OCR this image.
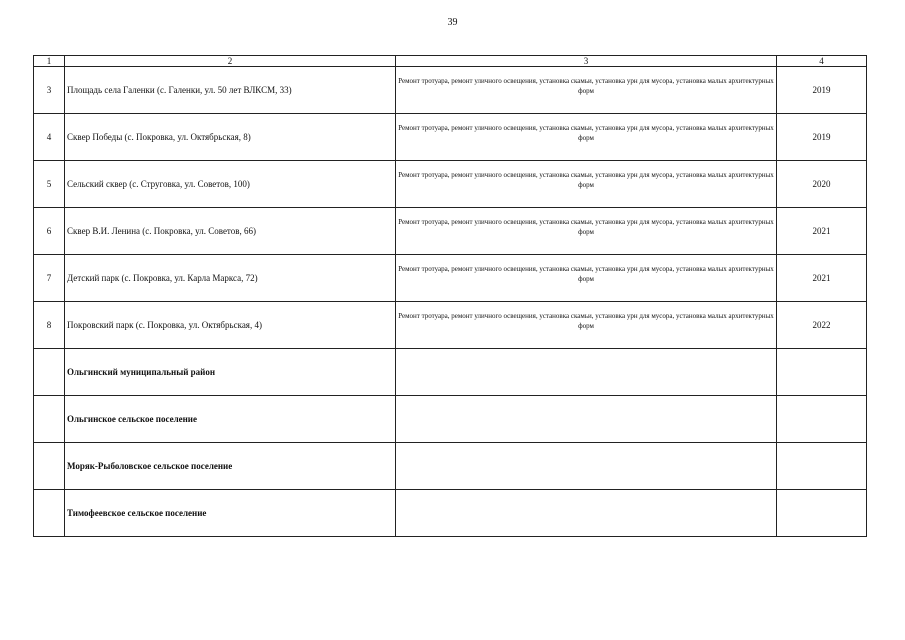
39
1	2	3	4
3	Площадь села Галенки (с. Галенки, ул. 50 лет ВЛКСМ, 33)	Ремонт тротуара, ремонт уличного освещения, установка скамьи, установка урн для мусора, установка малых архитектурных форм	2019
4	Сквер Победы (с. Покровка, ул. Октябрьская, 8)	Ремонт тротуара, ремонт уличного освещения, установка скамьи, установка урн для мусора, установка малых архитектурных форм	2019
5	Сельский сквер (с. Струговка, ул. Советов, 100)	Ремонт тротуара, ремонт уличного освещения, установка скамьи, установка урн для мусора, установка малых архитектурных форм	2020
6	Сквер В.И. Ленина (с. Покровка, ул. Советов, 66)	Ремонт тротуара, ремонт уличного освещения, установка скамьи, установка урн для мусора, установка малых архитектурных форм	2021
7	Детский парк (с. Покровка, ул. Карла Маркса, 72)	Ремонт тротуара, ремонт уличного освещения, установка скамьи, установка урн для мусора, установка малых архитектурных форм	2021
8	Покровский парк (с. Покровка, ул. Октябрьская, 4)	Ремонт тротуара, ремонт уличного освещения, установка скамьи, установка урн для мусора, установка малых архитектурных форм	2022
	Ольгинский муниципальный район		
	Ольгинское сельское поселение		
	Моряк-Рыболовское сельское поселение		
	Тимофеевское сельское поселение		
